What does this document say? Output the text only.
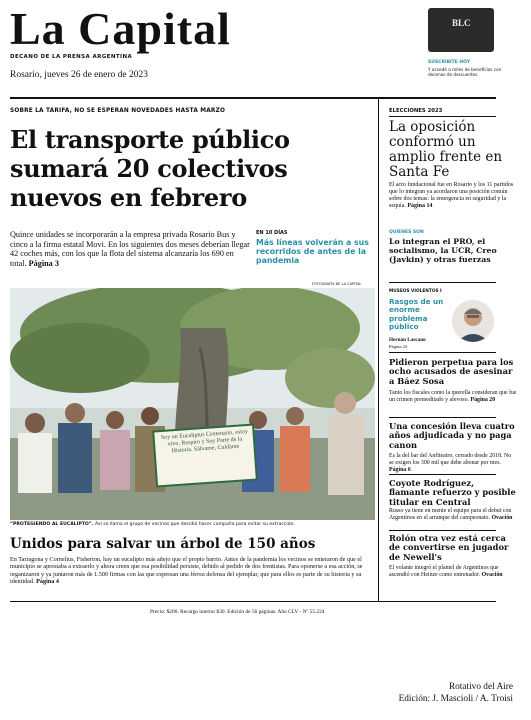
La Capital
DECANO DE LA PRENSA ARGENTINA
Rosario, jueves 26 de enero de 2023
BLC
SUSCRIBITE HOY
Y accedé a miles de beneficios con decenas de descuentos
SOBRE LA TARIFA, NO SE ESPERAN NOVEDADES HASTA MARZO
El transporte público sumará 20 colectivos nuevos en febrero
Quince unidades se incorporarán a la empresa privada Rosario Bus y cinco a la firma estatal Movi. En los siguientes dos meses deberían llegar 42 coches más, con los que la flota del sistema alcanzaría los 690 en total. Página 3
EN 10 DÍAS
Más líneas volverán a sus recorridos de antes de la pandemia
FOTOGRAFÍA DE LA CAPITAL
Soy un Eucaliptus Centenario, estoy vivo, Respiro y Soy Parte de la Historia. Sálvame, Cuídame
“PROTEGIENDO AL EUCALIPTO”. Así se llama el grupo de vecinos que decidió hacer campaña para evitar su extracción.
Unidos para salvar un árbol de 150 años
En Tarragona y Cornelius, Fisherton, hay un eucalipto más añejo que el propio barrio. Antes de la pandemia los vecinos se enteraron de que el municipio se aprestaba a extraerlo y ahora creen que esa posibilidad persiste, debido al pedido de dos frentistas. Para oponerse a esa acción, se organizaron y ya juntaron más de 1.500 firmas con las que expresan una férrea defensa del ejemplar, que para ellos es parte de su historia y su identidad. Página 4
Precio: $200. Recargo interior $30. Edición de 56 páginas. Año CLV - Nº 55.224
ELECCIONES 2023
La oposición conformó un amplio frente en Santa Fe
El acto fundacional fue en Rosario y los 11 partidos que lo integran ya acordaron una posición común sobre dos temas: la emergencia en seguridad y la sequía. Página 14
QUIÉNES SON
Lo integran el PRO, el socialismo, la UCR, Creo (Javkin) y otras fuerzas
MUSEOS VIOLENTOS I
Rasgos de un enorme problema público
Hernán Lascano
Página 23
Pidieron perpetua para los ocho acusados de asesinar a Báez Sosa
Tanto los fiscales como la querella consideran que fue un crimen premeditado y alevoso. Página 20
Una concesión lleva cuatro años adjudicada y no paga canon
Es la del bar del Anfiteatro, cerrado desde 2018. No se exigen los 300 mil que debe abonar por mes. Página 6
Coyote Rodríguez, flamante refuerzo y posible titular en Central
Russo ya tiene en mente el equipo para el debut con Argentinos en el arranque del campeonato. Ovación
Rolón otra vez está cerca de convertirse en jugador de Newell's
El volante integró el plantel de Argentinos que ascendió con Heinze como entrenador. Ovación
Rotativo del Aire
Edición: J. Mascioli / A. Troisi
